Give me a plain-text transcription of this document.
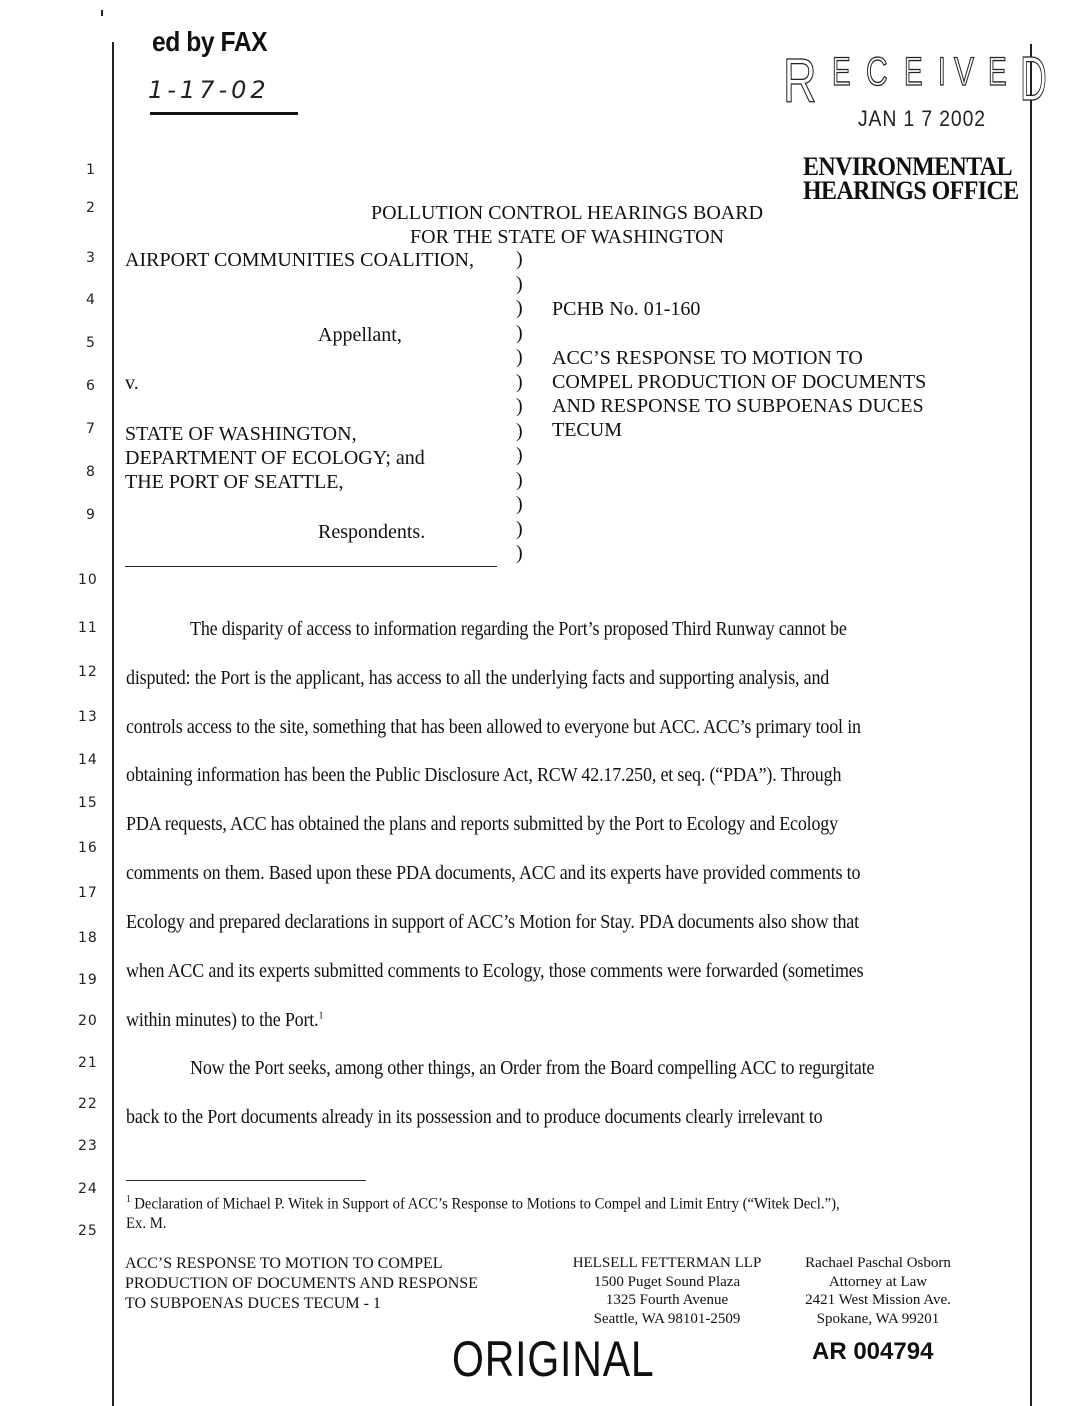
ed by FAX
1-17-02	R E C E I V E D
JAN 1 7 2002
ENVIRONMENTAL
HEARINGS OFFICE
1
2
3
4
5
6
7
8
9
10
11
12
13
14
15
16
17
18
19
20
21
22
23
24
25
POLLUTION CONTROL HEARINGS BOARD
FOR THE STATE OF WASHINGTON
AIRPORT COMMUNITIES COALITION,
Appellant,
v.
STATE OF WASHINGTON,
DEPARTMENT OF ECOLOGY; and
THE PORT OF SEATTLE,
Respondents.
)
)
)
)
)
)
)
)
)
)
)
)
)
PCHB No. 01-160
ACC’S RESPONSE TO MOTION TO
COMPEL PRODUCTION OF DOCUMENTS
AND RESPONSE TO SUBPOENAS DUCES
TECUM
The disparity of access to information regarding the Port’s proposed Third Runway cannot be
disputed: the Port is the applicant, has access to all the underlying facts and supporting analysis, and
controls access to the site, something that has been allowed to everyone but ACC. ACC’s primary tool in
obtaining information has been the Public Disclosure Act, RCW 42.17.250, et seq. (“PDA”). Through
PDA requests, ACC has obtained the plans and reports submitted by the Port to Ecology and Ecology
comments on them. Based upon these PDA documents, ACC and its experts have provided comments to
Ecology and prepared declarations in support of ACC’s Motion for Stay. PDA documents also show that
when ACC and its experts submitted comments to Ecology, those comments were forwarded (sometimes
within minutes) to the Port.$^1$
Now the Port seeks, among other things, an Order from the Board compelling ACC to regurgitate
back to the Port documents already in its possession and to produce documents clearly irrelevant to
$^1$ Declaration of Michael P. Witek in Support of ACC’s Response to Motions to Compel and Limit Entry (“Witek Decl.”),
Ex. M.
ACC’S RESPONSE TO MOTION TO COMPEL
PRODUCTION OF DOCUMENTS AND RESPONSE
TO SUBPOENAS DUCES TECUM - 1
HELSELL FETTERMAN LLP
1500 Puget Sound Plaza
1325 Fourth Avenue
Seattle, WA 98101-2509
Rachael Paschal Osborn
Attorney at Law
2421 West Mission Ave.
Spokane, WA 99201
ORIGINAL	AR 004794
